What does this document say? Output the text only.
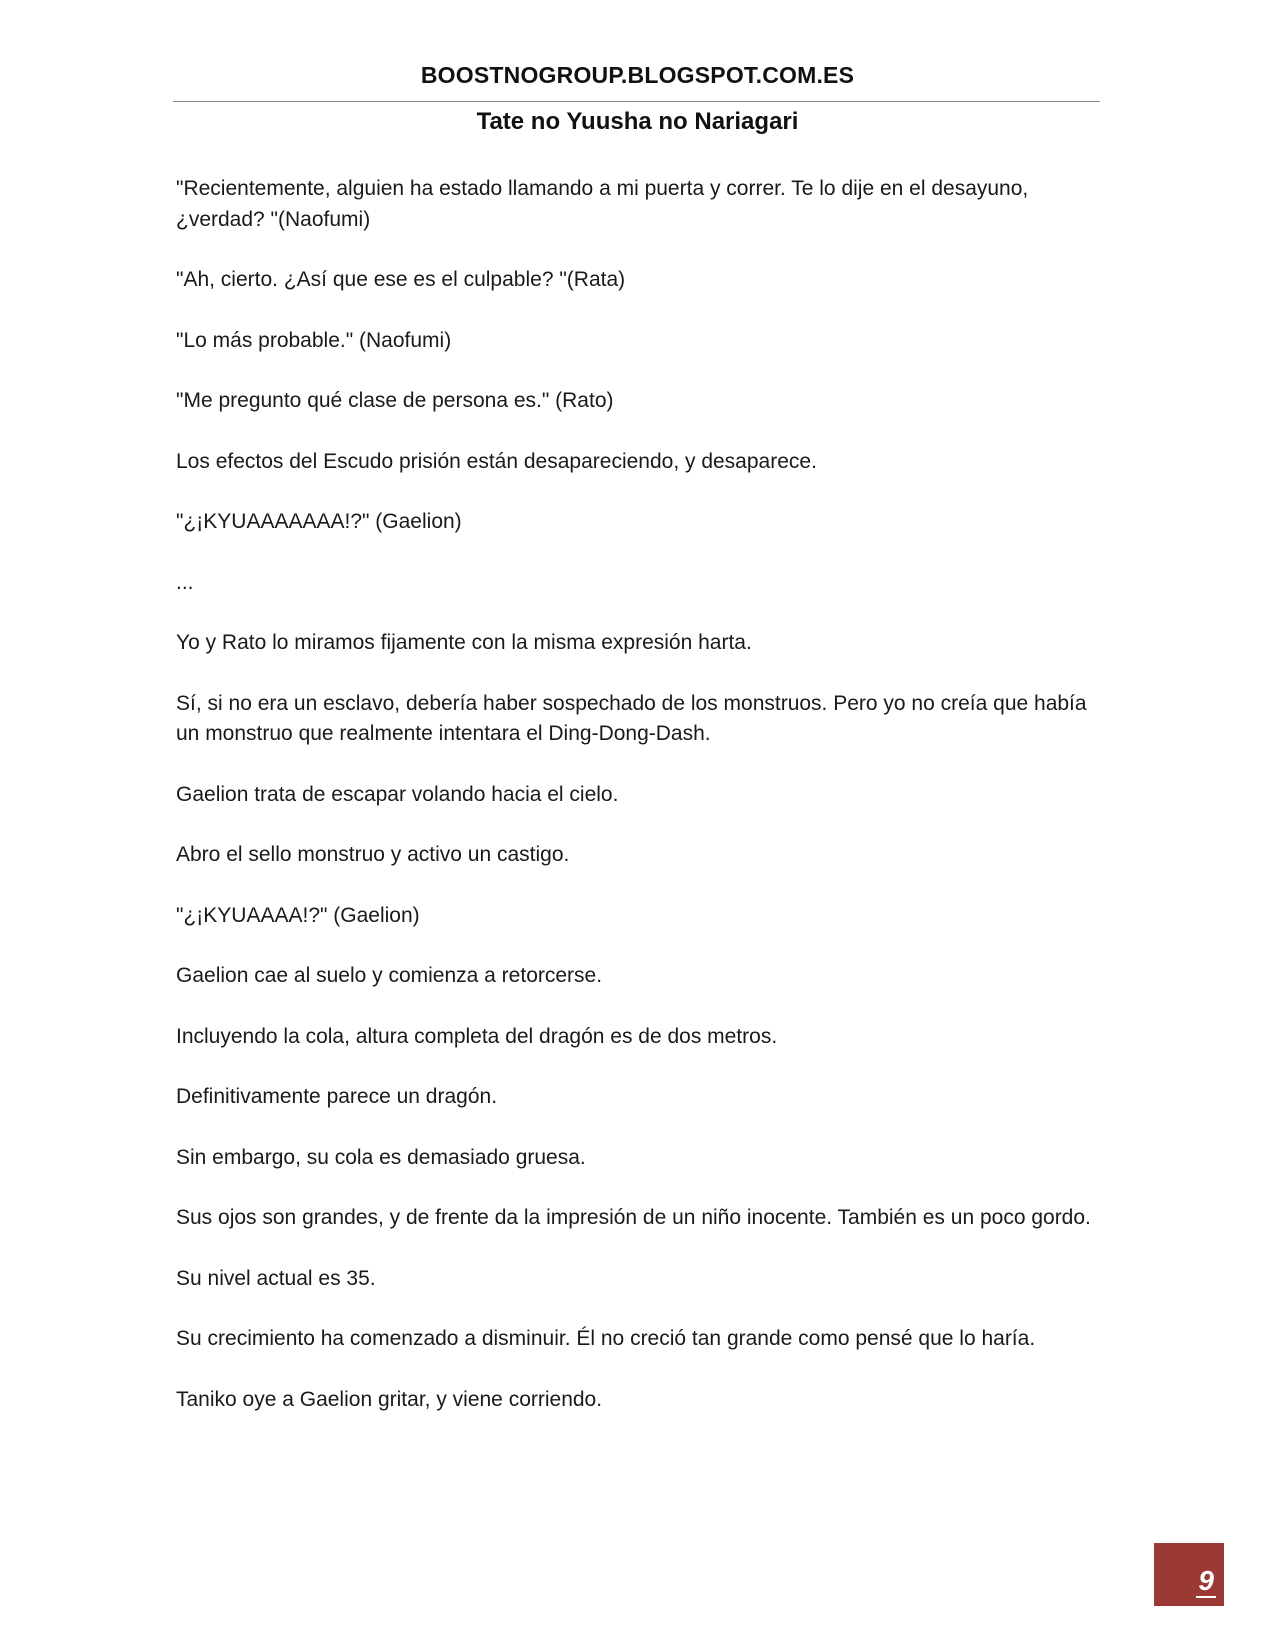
BOOSTNOGROUP.BLOGSPOT.COM.ES
Tate no Yuusha no Nariagari

"Recientemente, alguien ha estado llamando a mi puerta y correr. Te lo dije en el desayuno, ¿verdad? "(Naofumi)

"Ah, cierto. ¿Así que ese es el culpable? "(Rata)

"Lo más probable." (Naofumi)

"Me pregunto qué clase de persona es." (Rato)

Los efectos del Escudo prisión están desapareciendo, y desaparece.

"¿¡KYUAAAAAAA!?" (Gaelion)

...

Yo y Rato lo miramos fijamente con la misma expresión harta.

Sí, si no era un esclavo, debería haber sospechado de los monstruos. Pero yo no creía que había un monstruo que realmente intentara el Ding-Dong-Dash.

Gaelion trata de escapar volando hacia el cielo.

Abro el sello monstruo y activo un castigo.

"¿¡KYUAAAA!?" (Gaelion)

Gaelion cae al suelo y comienza a retorcerse.

Incluyendo la cola, altura completa del dragón es de dos metros.

Definitivamente parece un dragón.

Sin embargo, su cola es demasiado gruesa.

Sus ojos son grandes, y de frente da la impresión de un niño inocente. También es un poco gordo.

Su nivel actual es 35.

Su crecimiento ha comenzado a disminuir. Él no creció tan grande como pensé que lo haría.

Taniko oye a Gaelion gritar, y viene corriendo.

9
